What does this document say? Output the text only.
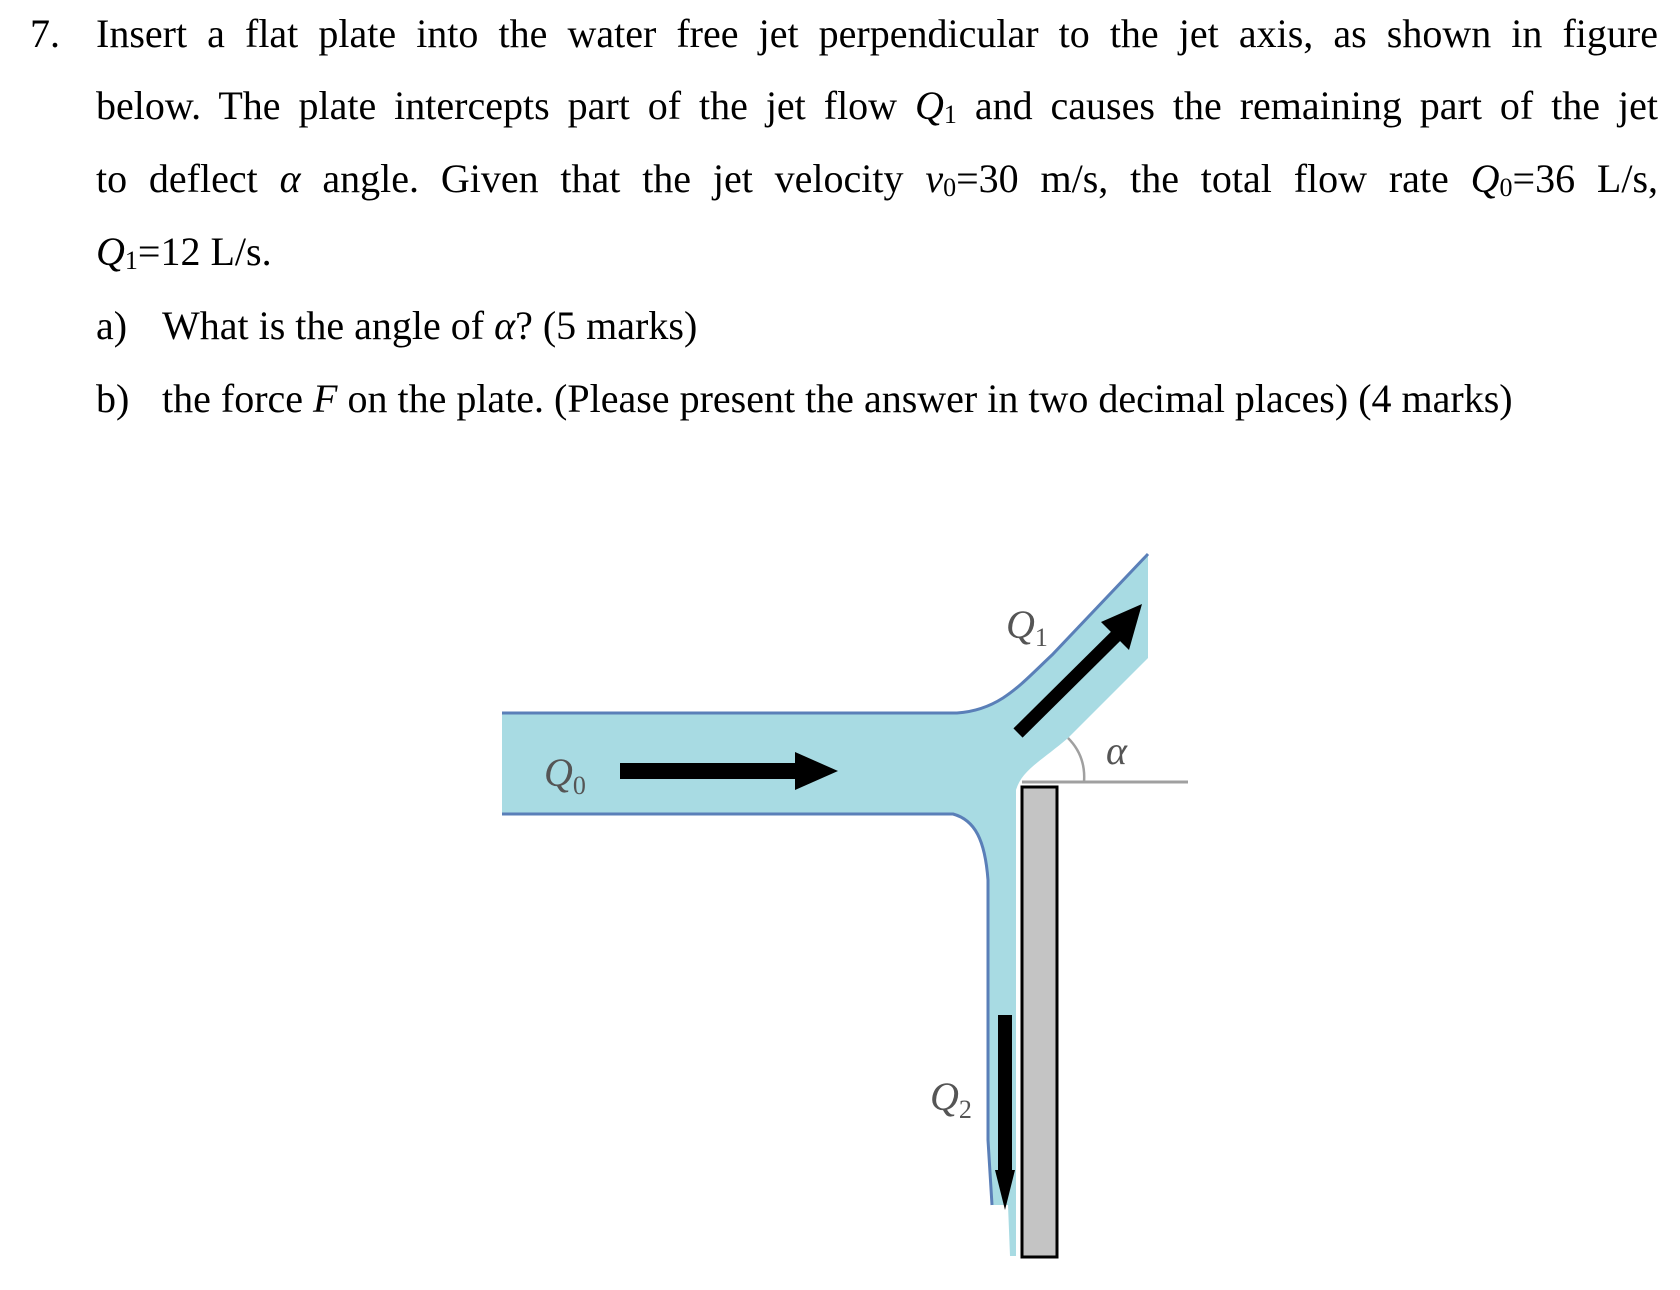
7. Insert a flat plate into the water free jet perpendicular to the jet axis, as shown in figure
below. The plate intercepts part of the jet flow $Q_1$ and causes the remaining part of the jet
to deflect α angle. Given that the jet velocity $v_0=30$ m/s, the total flow rate $Q_0=36$ L/s,
$Q_1=12$ L/s.
a) What is the angle of α? (5 marks)
b) the force F on the plate. (Please present the answer in two decimal places) (4 marks)
$Q_0$
$Q_1$
$Q_2$
α
